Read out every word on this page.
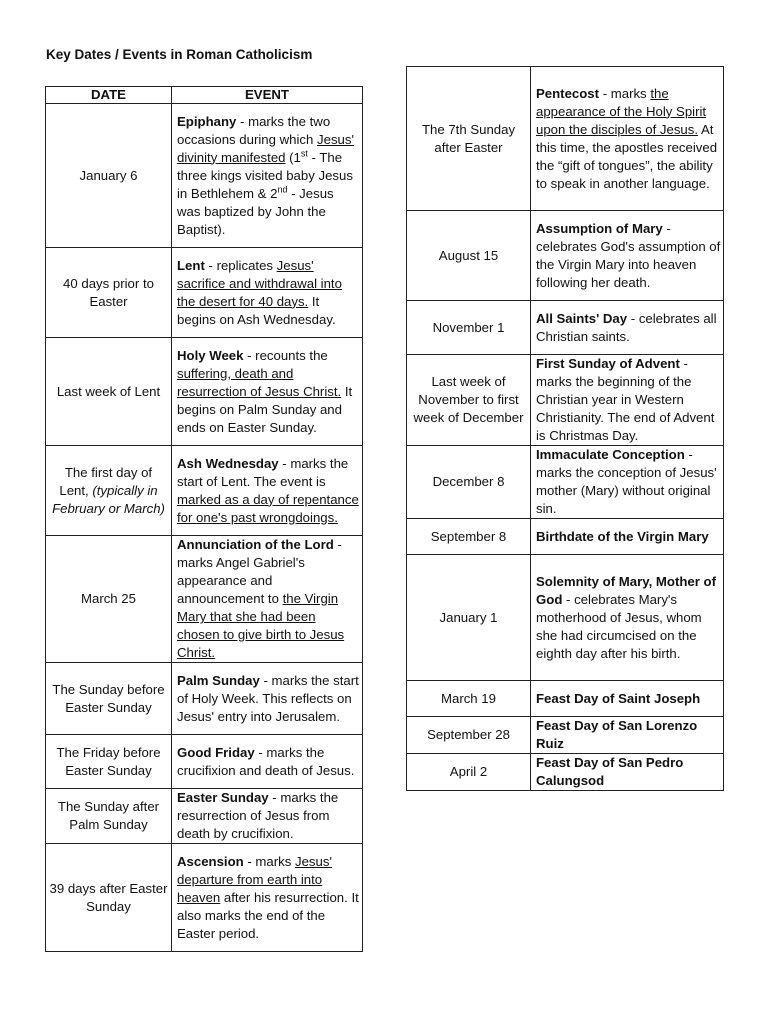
Key Dates / Events in Roman Catholicism
DATE	EVENT
January 6	Epiphany - marks the two occasions during which Jesus' divinity manifested (1st - The three kings visited baby Jesus in Bethlehem & 2nd - Jesus was baptized by John the Baptist).
40 days prior to Easter	Lent - replicates Jesus' sacrifice and withdrawal into the desert for 40 days. It begins on Ash Wednesday.
Last week of Lent	Holy Week - recounts the suffering, death and resurrection of Jesus Christ. It begins on Palm Sunday and ends on Easter Sunday.
The first day of Lent, (typically in February or March)	Ash Wednesday - marks the start of Lent. The event is marked as a day of repentance for one's past wrongdoings.
March 25	Annunciation of the Lord - marks Angel Gabriel's appearance and announcement to the Virgin Mary that she had been chosen to give birth to Jesus Christ.
The Sunday before Easter Sunday	Palm Sunday - marks the start of Holy Week. This reflects on Jesus' entry into Jerusalem.
The Friday before Easter Sunday	Good Friday - marks the crucifixion and death of Jesus.
The Sunday after Palm Sunday	Easter Sunday - marks the resurrection of Jesus from death by crucifixion.
39 days after Easter Sunday	Ascension - marks Jesus' departure from earth into heaven after his resurrection. It also marks the end of the Easter period.
The 7th Sunday after Easter	Pentecost - marks the appearance of the Holy Spirit upon the disciples of Jesus. At this time, the apostles received the “gift of tongues”, the ability to speak in another language.
August 15	Assumption of Mary - celebrates God's assumption of the Virgin Mary into heaven following her death.
November 1	All Saints' Day - celebrates all Christian saints.
Last week of November to first week of December	First Sunday of Advent - marks the beginning of the Christian year in Western Christianity. The end of Advent is Christmas Day.
December 8	Immaculate Conception - marks the conception of Jesus' mother (Mary) without original sin.
September 8	Birthdate of the Virgin Mary
January 1	Solemnity of Mary, Mother of God - celebrates Mary's motherhood of Jesus, whom she had circumcised on the eighth day after his birth.
March 19	Feast Day of Saint Joseph
September 28	Feast Day of San Lorenzo Ruiz
April 2	Feast Day of San Pedro Calungsod
